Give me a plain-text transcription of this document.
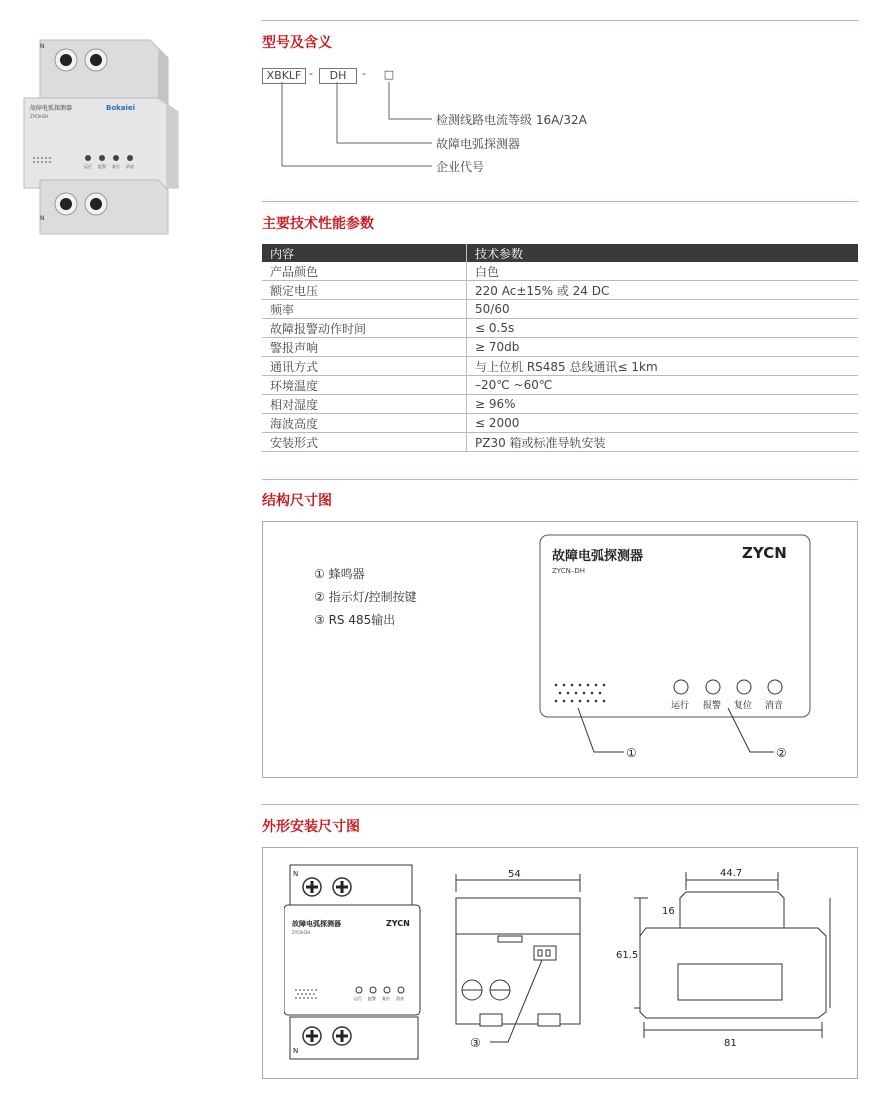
故障电弧探测器	Bokaiei
ZYCN-DH
运行 报警 复位 消音
N
N
型号及含义
XBKLF -	DH	- □
检测线路电流等级 16A/32A
故障电弧探测器
企业代号
主要技术性能参数
内容	技术参数
产品颜色	白色
额定电压	220 Ac±15% 或 24 DC
频率	50/60
故障报警动作时间	≤ 0.5s
警报声响	≥ 70db
通讯方式	与上位机 RS485 总线通讯≤ 1km
环境温度	–20℃ ~60℃
相对湿度	≥ 96%
海波高度	≤ 2000
安装形式	PZ30 箱或标准导轨安装
结构尺寸图
① 蜂鸣器
② 指示灯/控制按键
③ RS 485输出
故障电弧探测器
ZYCN–DH
ZYCN
运行 报警 复位 消音
①	②
外形安装尺寸图
N
故障电弧探测器
ZYCN-DH
ZYCN
运行 报警 复位 消音
N
54
③
44.7
16
61.5
81
